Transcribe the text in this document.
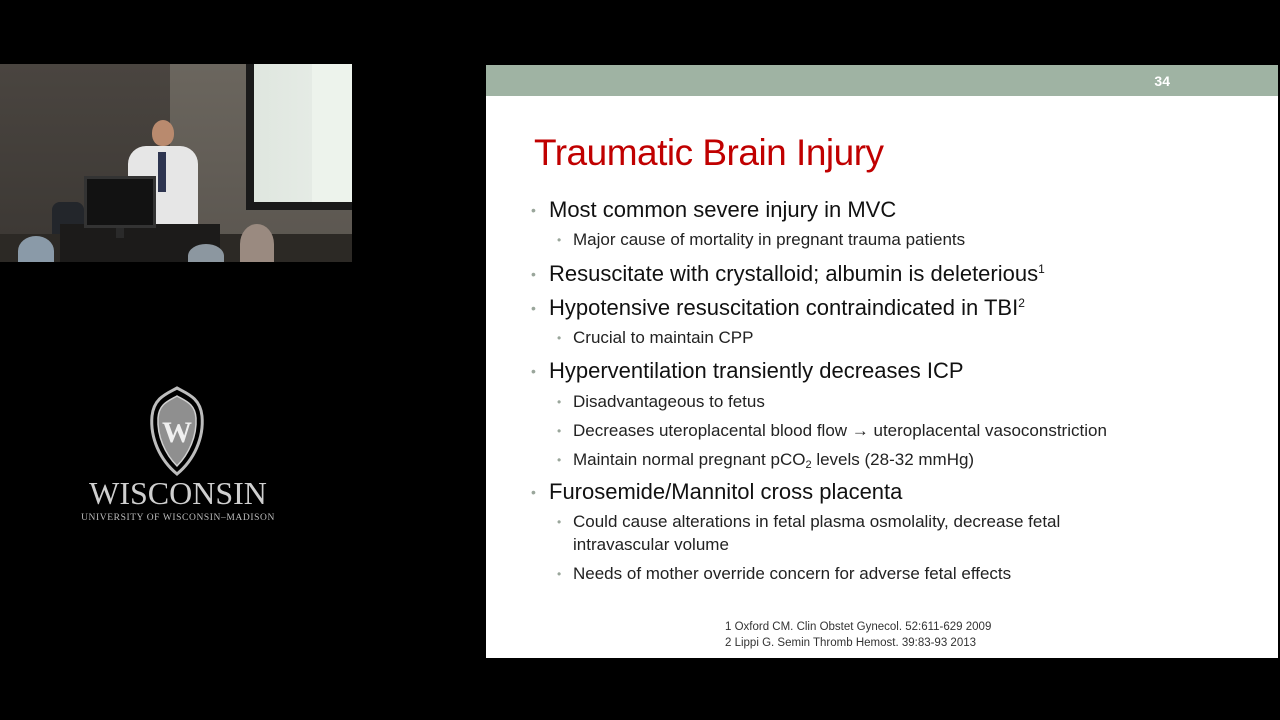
W
WISCONSIN
UNIVERSITY OF WISCONSIN–MADISON
34
Traumatic Brain Injury
• Most common severe injury in MVC
• Major cause of mortality in pregnant trauma patients
• Resuscitate with crystalloid; albumin is deleterious$^1$
• Hypotensive resuscitation contraindicated in TBI$^2$
• Crucial to maintain CPP
• Hyperventilation transiently decreases ICP
• Disadvantageous to fetus
• Decreases uteroplacental blood flow → uteroplacental vasoconstriction
• Maintain normal pregnant pCO$_2$ levels (28-32 mmHg)
• Furosemide/Mannitol cross placenta
• Could cause alterations in fetal plasma osmolality, decrease fetal
intravascular volume
• Needs of mother override concern for adverse fetal effects
1 Oxford CM. Clin Obstet Gynecol. 52:611-629 2009
2 Lippi G. Semin Thromb Hemost. 39:83-93 2013
